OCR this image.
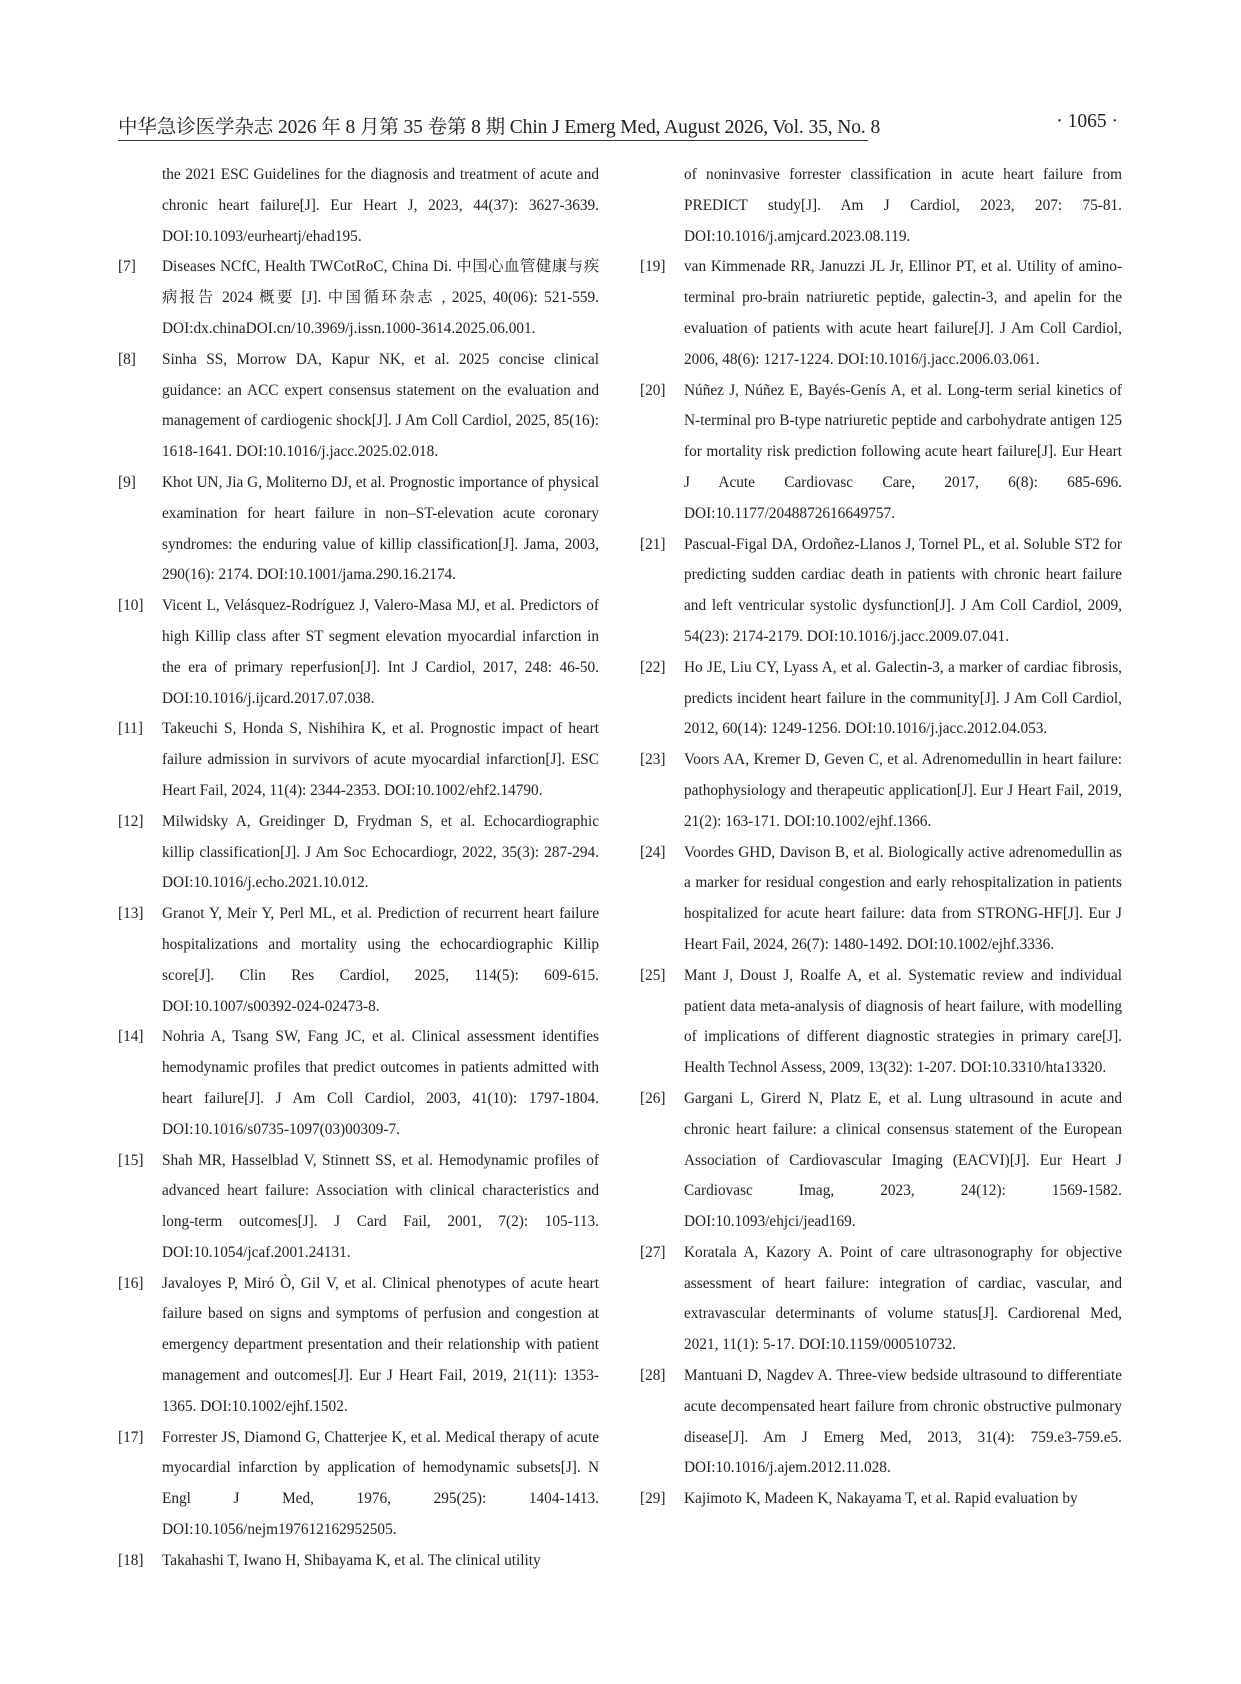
中华急诊医学杂志 2026 年 8 月第 35 卷第 8 期 Chin J Emerg Med, August 2026, Vol. 35, No. 8	· 1065 ·
the 2021 ESC Guidelines for the diagnosis and treatment of acute and chronic heart failure[J]. Eur Heart J, 2023, 44(37): 3627-3639. DOI:10.1093/eurheartj/ehad195.
[7]	Diseases NCfC, Health TWCotRoC, China Di. 中国心血管健康与疾病报告 2024 概要 [J]. 中国循环杂志 , 2025, 40(06): 521-559. DOI:dx.chinaDOI.cn/10.3969/j.issn.1000-3614.2025.06.001.
[8]	Sinha SS, Morrow DA, Kapur NK, et al. 2025 concise clinical guidance: an ACC expert consensus statement on the evaluation and management of cardiogenic shock[J]. J Am Coll Cardiol, 2025, 85(16): 1618-1641. DOI:10.1016/j.jacc.2025.02.018.
[9]	Khot UN, Jia G, Moliterno DJ, et al. Prognostic importance of physical examination for heart failure in non–ST-elevation acute coronary syndromes: the enduring value of killip classification[J]. Jama, 2003, 290(16): 2174. DOI:10.1001/jama.290.16.2174.
[10]	Vicent L, Velásquez-Rodríguez J, Valero-Masa MJ, et al. Predictors of high Killip class after ST segment elevation myocardial infarction in the era of primary reperfusion[J]. Int J Cardiol, 2017, 248: 46-50. DOI:10.1016/j.ijcard.2017.07.038.
[11]	Takeuchi S, Honda S, Nishihira K, et al. Prognostic impact of heart failure admission in survivors of acute myocardial infarction[J]. ESC Heart Fail, 2024, 11(4): 2344-2353. DOI:10.1002/ehf2.14790.
[12]	Milwidsky A, Greidinger D, Frydman S, et al. Echocardiographic killip classification[J]. J Am Soc Echocardiogr, 2022, 35(3): 287-294. DOI:10.1016/j.echo.2021.10.012.
[13]	Granot Y, Meir Y, Perl ML, et al. Prediction of recurrent heart failure hospitalizations and mortality using the echocardiographic Killip score[J]. Clin Res Cardiol, 2025, 114(5): 609-615. DOI:10.1007/s00392-024-02473-8.
[14]	Nohria A, Tsang SW, Fang JC, et al. Clinical assessment identifies hemodynamic profiles that predict outcomes in patients admitted with heart failure[J]. J Am Coll Cardiol, 2003, 41(10): 1797-1804. DOI:10.1016/s0735-1097(03)00309-7.
[15]	Shah MR, Hasselblad V, Stinnett SS, et al. Hemodynamic profiles of advanced heart failure: Association with clinical characteristics and long-term outcomes[J]. J Card Fail, 2001, 7(2): 105-113. DOI:10.1054/jcaf.2001.24131.
[16]	Javaloyes P, Miró Ò, Gil V, et al. Clinical phenotypes of acute heart failure based on signs and symptoms of perfusion and congestion at emergency department presentation and their relationship with patient management and outcomes[J]. Eur J Heart Fail, 2019, 21(11): 1353-1365. DOI:10.1002/ejhf.1502.
[17]	Forrester JS, Diamond G, Chatterjee K, et al. Medical therapy of acute myocardial infarction by application of hemodynamic subsets[J]. N Engl J Med, 1976, 295(25): 1404-1413. DOI:10.1056/nejm197612162952505.
[18]	Takahashi T, Iwano H, Shibayama K, et al. The clinical utility
of noninvasive forrester classification in acute heart failure from PREDICT study[J]. Am J Cardiol, 2023, 207: 75-81. DOI:10.1016/j.amjcard.2023.08.119.
[19]	van Kimmenade RR, Januzzi JL Jr, Ellinor PT, et al. Utility of amino-terminal pro-brain natriuretic peptide, galectin-3, and apelin for the evaluation of patients with acute heart failure[J]. J Am Coll Cardiol, 2006, 48(6): 1217-1224. DOI:10.1016/j.jacc.2006.03.061.
[20]	Núñez J, Núñez E, Bayés-Genís A, et al. Long-term serial kinetics of N-terminal pro B-type natriuretic peptide and carbohydrate antigen 125 for mortality risk prediction following acute heart failure[J]. Eur Heart J Acute Cardiovasc Care, 2017, 6(8): 685-696. DOI:10.1177/2048872616649757.
[21]	Pascual-Figal DA, Ordoñez-Llanos J, Tornel PL, et al. Soluble ST2 for predicting sudden cardiac death in patients with chronic heart failure and left ventricular systolic dysfunction[J]. J Am Coll Cardiol, 2009, 54(23): 2174-2179. DOI:10.1016/j.jacc.2009.07.041.
[22]	Ho JE, Liu CY, Lyass A, et al. Galectin-3, a marker of cardiac fibrosis, predicts incident heart failure in the community[J]. J Am Coll Cardiol, 2012, 60(14): 1249-1256. DOI:10.1016/j.jacc.2012.04.053.
[23]	Voors AA, Kremer D, Geven C, et al. Adrenomedullin in heart failure: pathophysiology and therapeutic application[J]. Eur J Heart Fail, 2019, 21(2): 163-171. DOI:10.1002/ejhf.1366.
[24]	Voordes GHD, Davison B, et al. Biologically active adrenomedullin as a marker for residual congestion and early rehospitalization in patients hospitalized for acute heart failure: data from STRONG-HF[J]. Eur J Heart Fail, 2024, 26(7): 1480-1492. DOI:10.1002/ejhf.3336.
[25]	Mant J, Doust J, Roalfe A, et al. Systematic review and individual patient data meta-analysis of diagnosis of heart failure, with modelling of implications of different diagnostic strategies in primary care[J]. Health Technol Assess, 2009, 13(32): 1-207. DOI:10.3310/hta13320.
[26]	Gargani L, Girerd N, Platz E, et al. Lung ultrasound in acute and chronic heart failure: a clinical consensus statement of the European Association of Cardiovascular Imaging (EACVI)[J]. Eur Heart J Cardiovasc Imag, 2023, 24(12): 1569-1582. DOI:10.1093/ehjci/jead169.
[27]	Koratala A, Kazory A. Point of care ultrasonography for objective assessment of heart failure: integration of cardiac, vascular, and extravascular determinants of volume status[J]. Cardiorenal Med, 2021, 11(1): 5-17. DOI:10.1159/000510732.
[28]	Mantuani D, Nagdev A. Three-view bedside ultrasound to differentiate acute decompensated heart failure from chronic obstructive pulmonary disease[J]. Am J Emerg Med, 2013, 31(4): 759.e3-759.e5. DOI:10.1016/j.ajem.2012.11.028.
[29]	Kajimoto K, Madeen K, Nakayama T, et al. Rapid evaluation by
